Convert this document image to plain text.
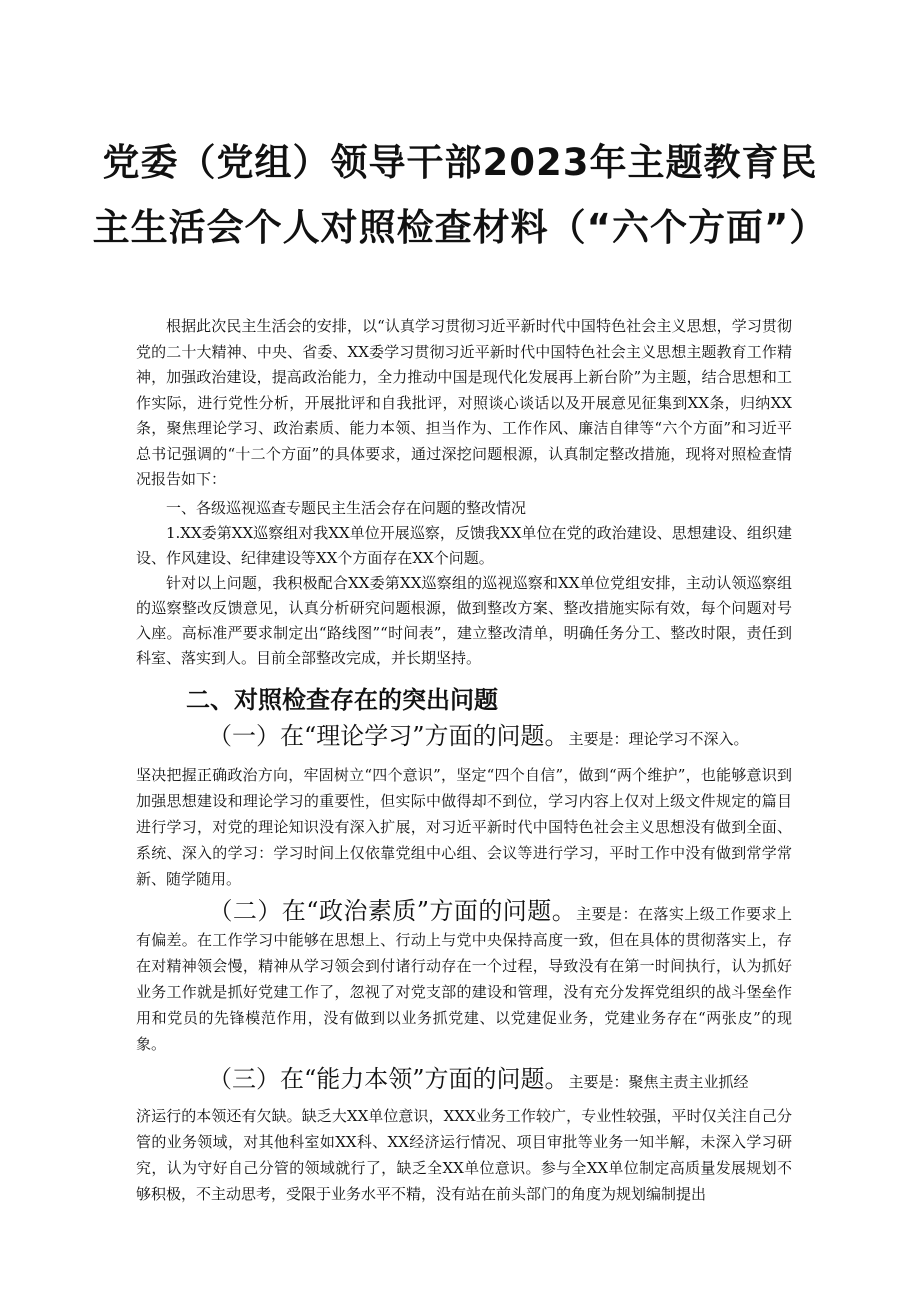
党委（党组）领导干部2023年主题教育民
主生活会个人对照检查材料（“六个方面”）

根据此次民主生活会的安排，以“认真学习贯彻习近平新时代中国特色社会主义思想，学习贯彻党的二十大精神、中央、省委、XX委学习贯彻习近平新时代中国特色社会主义思想主题教育工作精神，加强政治建设，提高政治能力，全力推动中国是现代化发展再上新台阶”为主题，结合思想和工作实际，进行党性分析，开展批评和自我批评，对照谈心谈话以及开展意见征集到XX条，归纳XX条，聚焦理论学习、政治素质、能力本领、担当作为、工作作风、廉洁自律等“六个方面”和习近平总书记强调的“十二个方面”的具体要求，通过深挖问题根源，认真制定整改措施，现将对照检查情况报告如下：

一、各级巡视巡查专题民主生活会存在问题的整改情况

1.XX委第XX巡察组对我XX单位开展巡察，反馈我XX单位在党的政治建设、思想建设、组织建设、作风建设、纪律建设等XX个方面存在XX个问题。

针对以上问题，我积极配合XX委第XX巡察组的巡视巡察和XX单位党组安排，主动认领巡察组的巡察整改反馈意见，认真分析研究问题根源，做到整改方案、整改措施实际有效，每个问题对号入座。高标准严要求制定出“路线图”“时间表”，建立整改清单，明确任务分工、整改时限，责任到科室、落实到人。目前全部整改完成，并长期坚持。

二、对照检查存在的突出问题
（一）在“理论学习”方面的问题。主要是：理论学习不深入。
坚决把握正确政治方向，牢固树立“四个意识”，坚定“四个自信”，做到“两个维护”，也能够意识到加强思想建设和理论学习的重要性，但实际中做得却不到位，学习内容上仅对上级文件规定的篇目进行学习，对党的理论知识没有深入扩展，对习近平新时代中国特色社会主义思想没有做到全面、系统、深入的学习：学习时间上仅依靠党组中心组、会议等进行学习，平时工作中没有做到常学常新、随学随用。
（二）在“政治素质”方面的问题。主要是：在落实上级工作要求上有偏差。在工作学习中能够在思想上、行动上与党中央保持高度一致，但在具体的贯彻落实上，存在对精神领会慢，精神从学习领会到付诸行动存在一个过程，导致没有在第一时间执行，认为抓好业务工作就是抓好党建工作了，忽视了对党支部的建设和管理，没有充分发挥党组织的战斗堡垒作用和党员的先锋模范作用，没有做到以业务抓党建、以党建促业务，党建业务存在“两张皮”的现象。
（三）在“能力本领”方面的问题。主要是：聚焦主责主业抓经
济运行的本领还有欠缺。缺乏大XX单位意识，XXX业务工作较广，专业性较强，平时仅关注自己分管的业务领域，对其他科室如XX科、XX经济运行情况、项目审批等业务一知半解，未深入学习研究，认为守好自己分管的领域就行了，缺乏全XX单位意识。参与全XX单位制定高质量发展规划不够积极，不主动思考，受限于业务水平不精，没有站在前头部门的角度为规划编制提出
